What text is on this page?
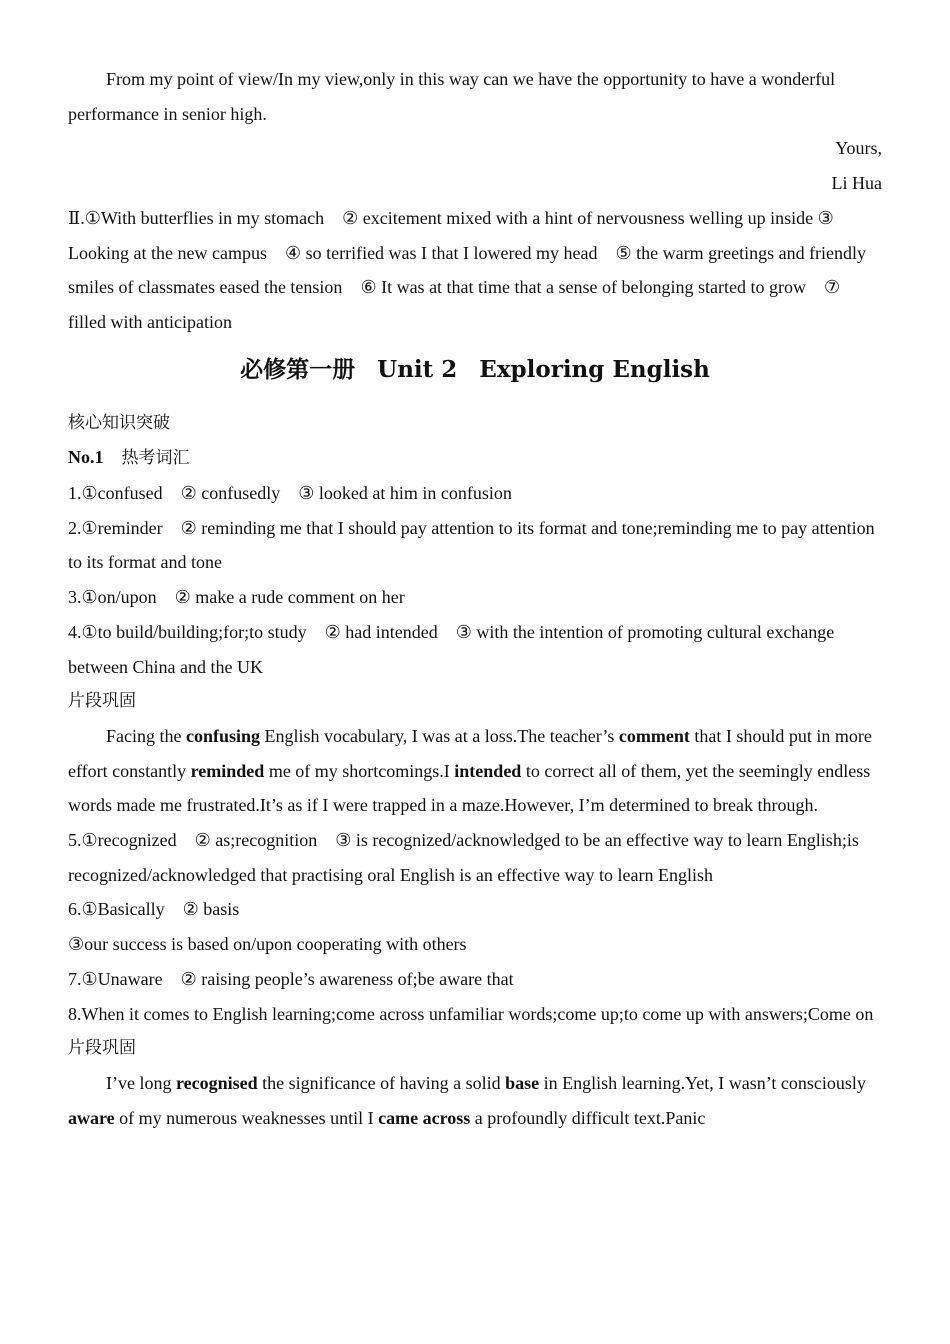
From my point of view/In my view,only in this way can we have the opportunity to have a wonderful performance in senior high.

Yours,

Li Hua

Ⅱ.①With butterflies in my stomach ② excitement mixed with a hint of nervousness welling up inside ③ Looking at the new campus ④ so terrified was I that I lowered my head ⑤ the warm greetings and friendly smiles of classmates eased the tension ⑥ It was at that time that a sense of belonging started to grow ⑦ filled with anticipation

必修第一册 Unit 2 Exploring English

核心知识突破

No.1 热考词汇

1.①confused　② confusedly　③ looked at him in confusion

2.①reminder　② reminding me that I should pay attention to its format and tone;reminding me to pay attention to its format and tone

3.①on/upon　② make a rude comment on her

4.①to build/building;for;to study　② had intended　③ with the intention of promoting cultural exchange between China and the UK

片段巩固

Facing the confusing English vocabulary, I was at a loss.The teacher’s comment that I should put in more effort constantly reminded me of my shortcomings.I intended to correct all of them, yet the seemingly endless words made me frustrated.It’s as if I were trapped in a maze.However, I’m determined to break through.

5.①recognized　② as;recognition　③ is recognized/acknowledged to be an effective way to learn English;is recognized/acknowledged that practising oral English is an effective way to learn English

6.①Basically　② basis

③our success is based on/upon cooperating with others

7.①Unaware　② raising people’s awareness of;be aware that

8.When it comes to English learning;come across unfamiliar words;come up;to come up with answers;Come on

片段巩固

I’ve long recognised the significance of having a solid base in English learning.Yet, I wasn’t consciously aware of my numerous weaknesses until I came across a profoundly difficult text.Panic
